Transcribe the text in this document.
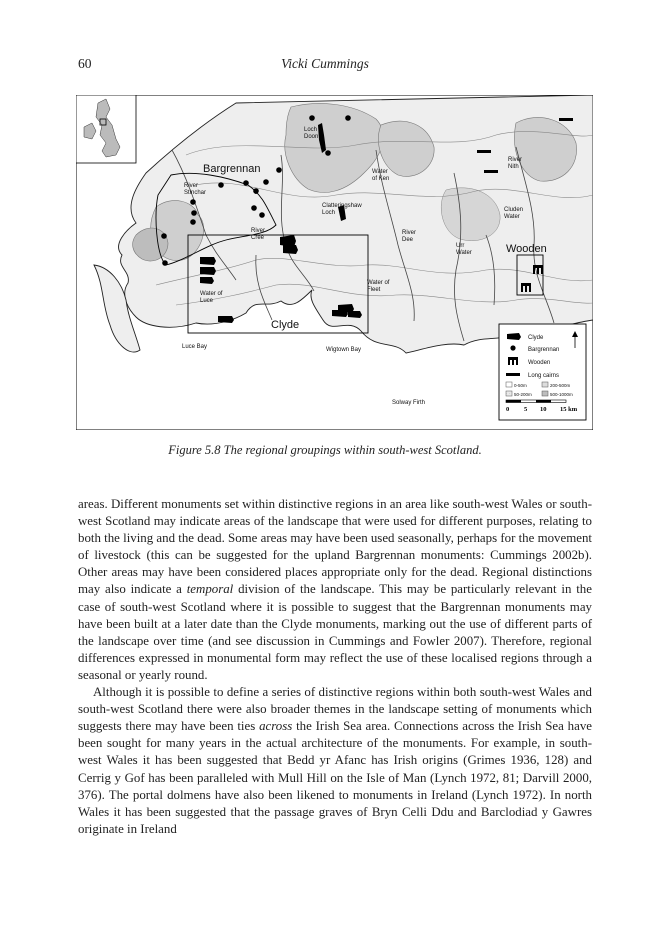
60	Vicki Cummings
Bargrennan
Clyde
Wooden
Loch
Doon
River
Stinchar
Water
of Ken
River
Nith
Cluden
Water
Clatteringshaw
Loch
River
Cree
River
Dee
Urr
Water
Water of
Fleet
Water of
Luce
Luce Bay	Wigtown Bay
Solway Firth
Clyde
Bargrennan
Wooden
Long cairns
0-50m	200-500m
50-200m	500-1000m
0 5 10 15 km
Figure 5.8 The regional groupings within south-west Scotland.

areas. Different monuments set within distinctive regions in an area like south-west Wales or south-west Scotland may indicate areas of the landscape that were used for different purposes, relating to both the living and the dead. Some areas may have been used seasonally, perhaps for the movement of livestock (this can be suggested for the upland Bargrennan monuments: Cummings 2002b). Other areas may have been considered places appropriate only for the dead. Regional distinctions may also indicate a temporal division of the landscape. This may be particularly relevant in the case of south-west Scotland where it is possible to suggest that the Bargrennan monuments may have been built at a later date than the Clyde monuments, marking out the use of different parts of the landscape over time (and see discussion in Cummings and Fowler 2007). Therefore, regional differences expressed in monumental form may reflect the use of these localised regions through a seasonal or yearly round.

Although it is possible to define a series of distinctive regions within both south-west Wales and south-west Scotland there were also broader themes in the landscape setting of monuments which suggests there may have been ties across the Irish Sea area. Connections across the Irish Sea have been sought for many years in the actual architecture of the monuments. For example, in south-west Wales it has been suggested that Bedd yr Afanc has Irish origins (Grimes 1936, 128) and Cerrig y Gof has been paralleled with Mull Hill on the Isle of Man (Lynch 1972, 81; Darvill 2000, 376). The portal dolmens have also been likened to monuments in Ireland (Lynch 1972). In north Wales it has been suggested that the passage graves of Bryn Celli Ddu and Barclodiad y Gawres originate in Ireland
